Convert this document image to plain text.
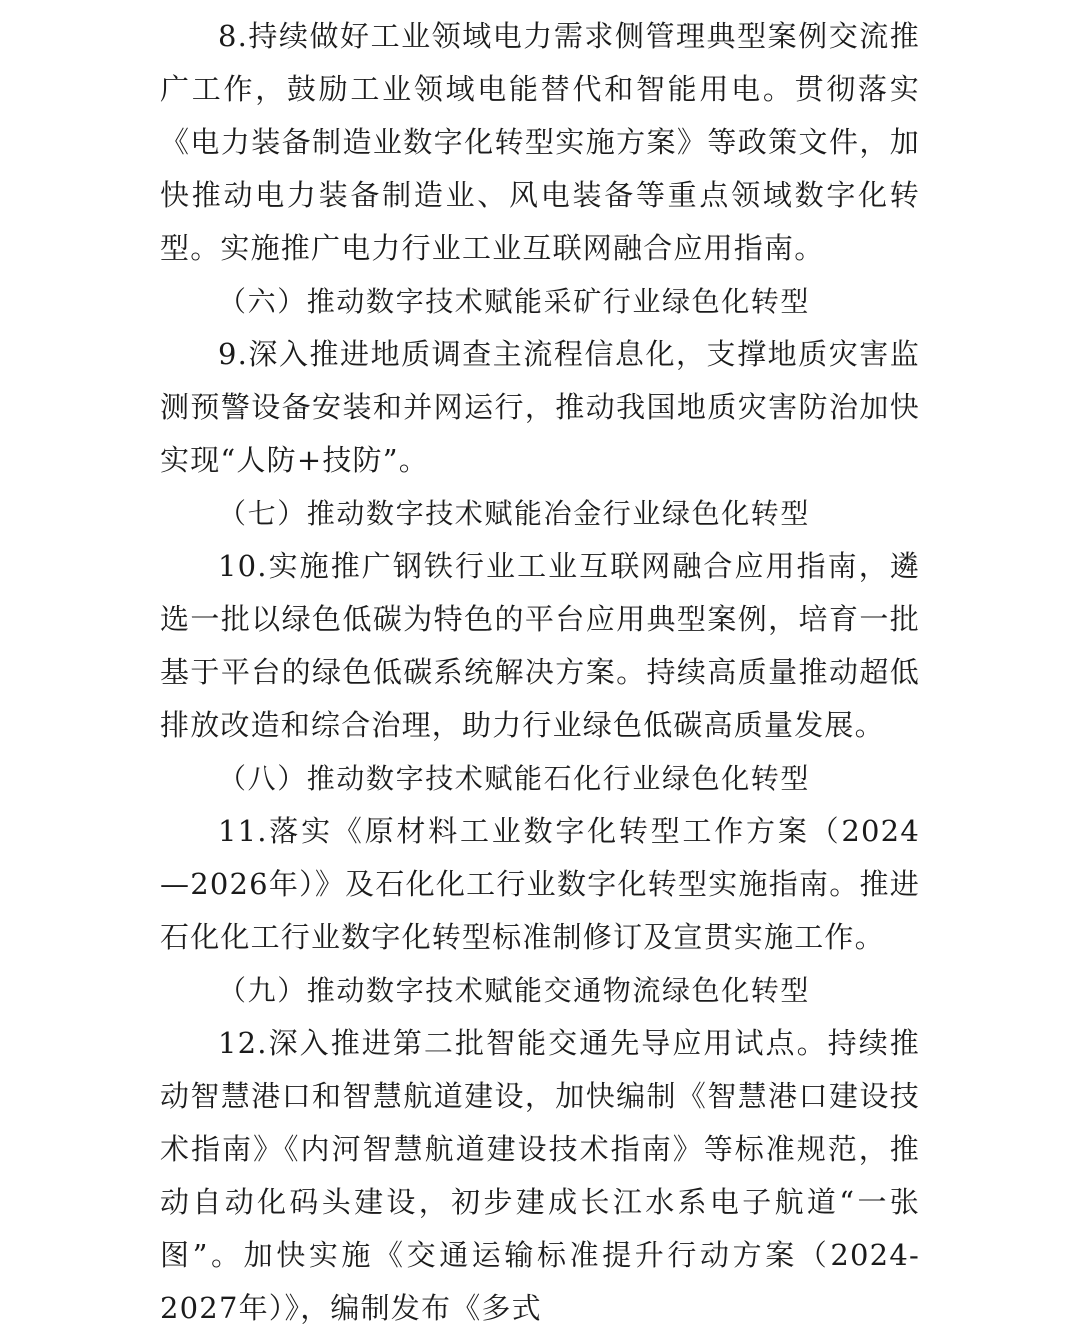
8.持续做好工业领域电力需求侧管理典型案例交流推广工作，鼓励工业领域电能替代和智能用电。贯彻落实《电力装备制造业数字化转型实施方案》等政策文件，加快推动电力装备制造业、风电装备等重点领域数字化转型。实施推广电力行业工业互联网融合应用指南。

（六）推动数字技术赋能采矿行业绿色化转型

9.深入推进地质调查主流程信息化，支撑地质灾害监测预警设备安装和并网运行，推动我国地质灾害防治加快实现“人防+技防”。

（七）推动数字技术赋能冶金行业绿色化转型

10.实施推广钢铁行业工业互联网融合应用指南，遴选一批以绿色低碳为特色的平台应用典型案例，培育一批基于平台的绿色低碳系统解决方案。持续高质量推动超低排放改造和综合治理，助力行业绿色低碳高质量发展。

（八）推动数字技术赋能石化行业绿色化转型

11.落实《原材料工业数字化转型工作方案（2024—2026年）》及石化化工行业数字化转型实施指南。推进石化化工行业数字化转型标准制修订及宣贯实施工作。

（九）推动数字技术赋能交通物流绿色化转型

12.深入推进第二批智能交通先导应用试点。持续推动智慧港口和智慧航道建设，加快编制《智慧港口建设技术指南》《内河智慧航道建设技术指南》等标准规范，推动自动化码头建设，初步建成长江水系电子航道“一张图”。加快实施《交通运输标准提升行动方案（2024-2027年）》，编制发布《多式
